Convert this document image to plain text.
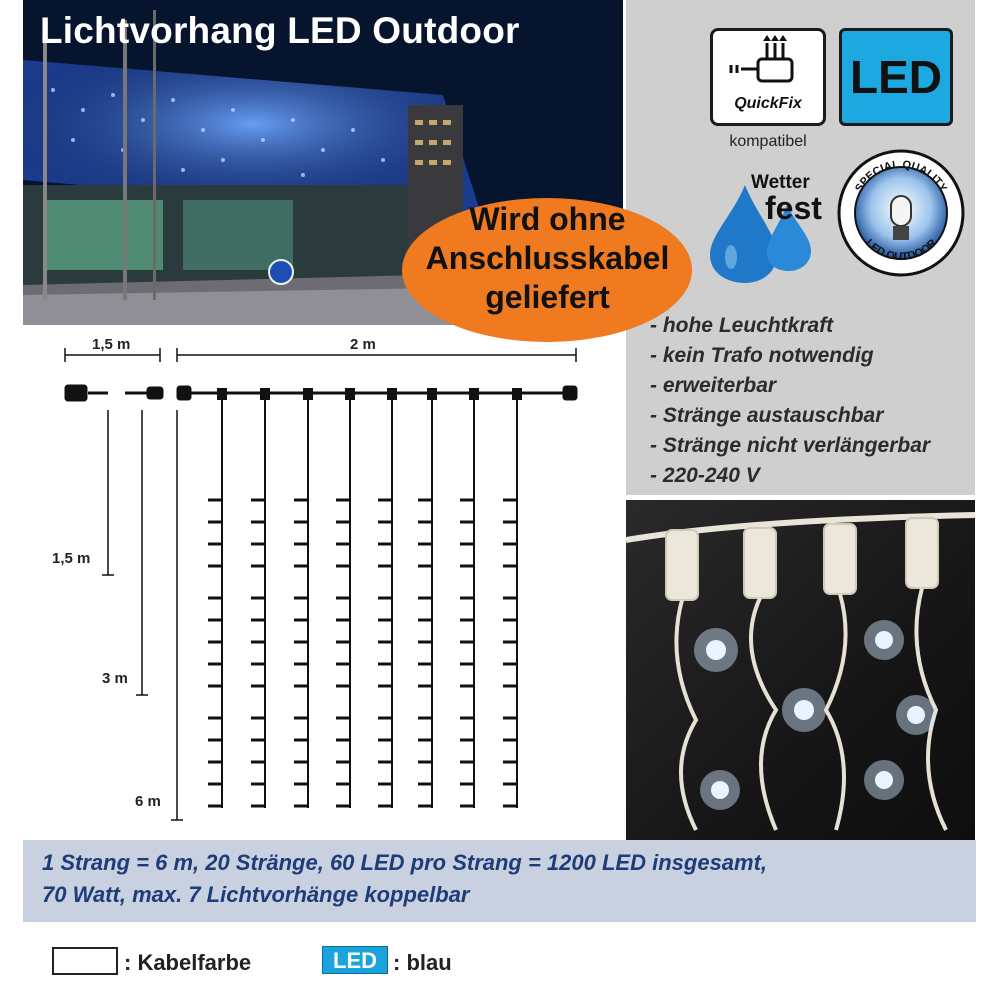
Lichtvorhang LED Outdoor
QuickFix
kompatibel
LED
Wetter
fest
SPECIAL QUALITY
LED OUTDOOR
Wird ohne
Anschlusskabel
geliefert
- hohe Leuchtkraft
- kein Trafo notwendig
- erweiterbar
- Stränge austauschbar
- Stränge nicht verlängerbar
- 220-240 V
1,5 m	2 m
1,5 m
3 m
6 m
1 Strang = 6 m, 20 Stränge, 60 LED pro Strang = 1200 LED insgesamt,
70 Watt, max. 7 Lichtvorhänge koppelbar
: Kabelfarbe	LED : blau
